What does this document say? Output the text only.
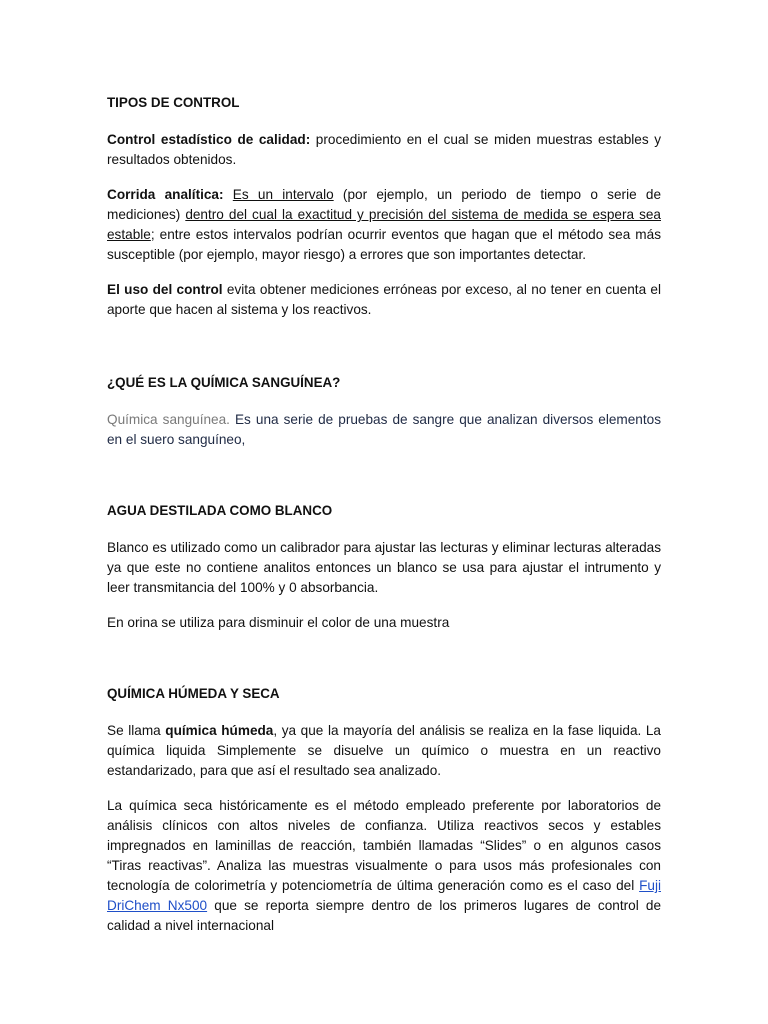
TIPOS DE CONTROL

Control estadístico de calidad: procedimiento en el cual se miden muestras estables y resultados obtenidos.

Corrida analítica: Es un intervalo (por ejemplo, un periodo de tiempo o serie de mediciones) dentro del cual la exactitud y precisión del sistema de medida se espera sea estable; entre estos intervalos podrían ocurrir eventos que hagan que el método sea más susceptible (por ejemplo, mayor riesgo) a errores que son importantes detectar.

El uso del control evita obtener mediciones erróneas por exceso, al no tener en cuenta el aporte que hacen al sistema y los reactivos.

¿QUÉ ES LA QUÍMICA SANGUÍNEA?

Química sanguínea. Es una serie de pruebas de sangre que analizan diversos elementos en el suero sanguíneo,

AGUA DESTILADA COMO BLANCO

Blanco es utilizado como un calibrador para ajustar las lecturas y eliminar lecturas alteradas ya que este no contiene analitos entonces un blanco se usa para ajustar el intrumento y leer transmitancia del 100% y 0 absorbancia.

En orina se utiliza para disminuir el color de una muestra

QUÍMICA HÚMEDA Y SECA

Se llama química húmeda, ya que la mayoría del análisis se realiza en la fase liquida. La química liquida Simplemente se disuelve un químico o muestra en un reactivo estandarizado, para que así el resultado sea analizado.

La química seca históricamente es el método empleado preferente por laboratorios de análisis clínicos con altos niveles de confianza. Utiliza reactivos secos y estables impregnados en laminillas de reacción, también llamadas “Slides” o en algunos casos “Tiras reactivas”. Analiza las muestras visualmente o para usos más profesionales con tecnología de colorimetría y potenciometría de última generación como es el caso del Fuji DriChem Nx500 que se reporta siempre dentro de los primeros lugares de control de calidad a nivel internacional
